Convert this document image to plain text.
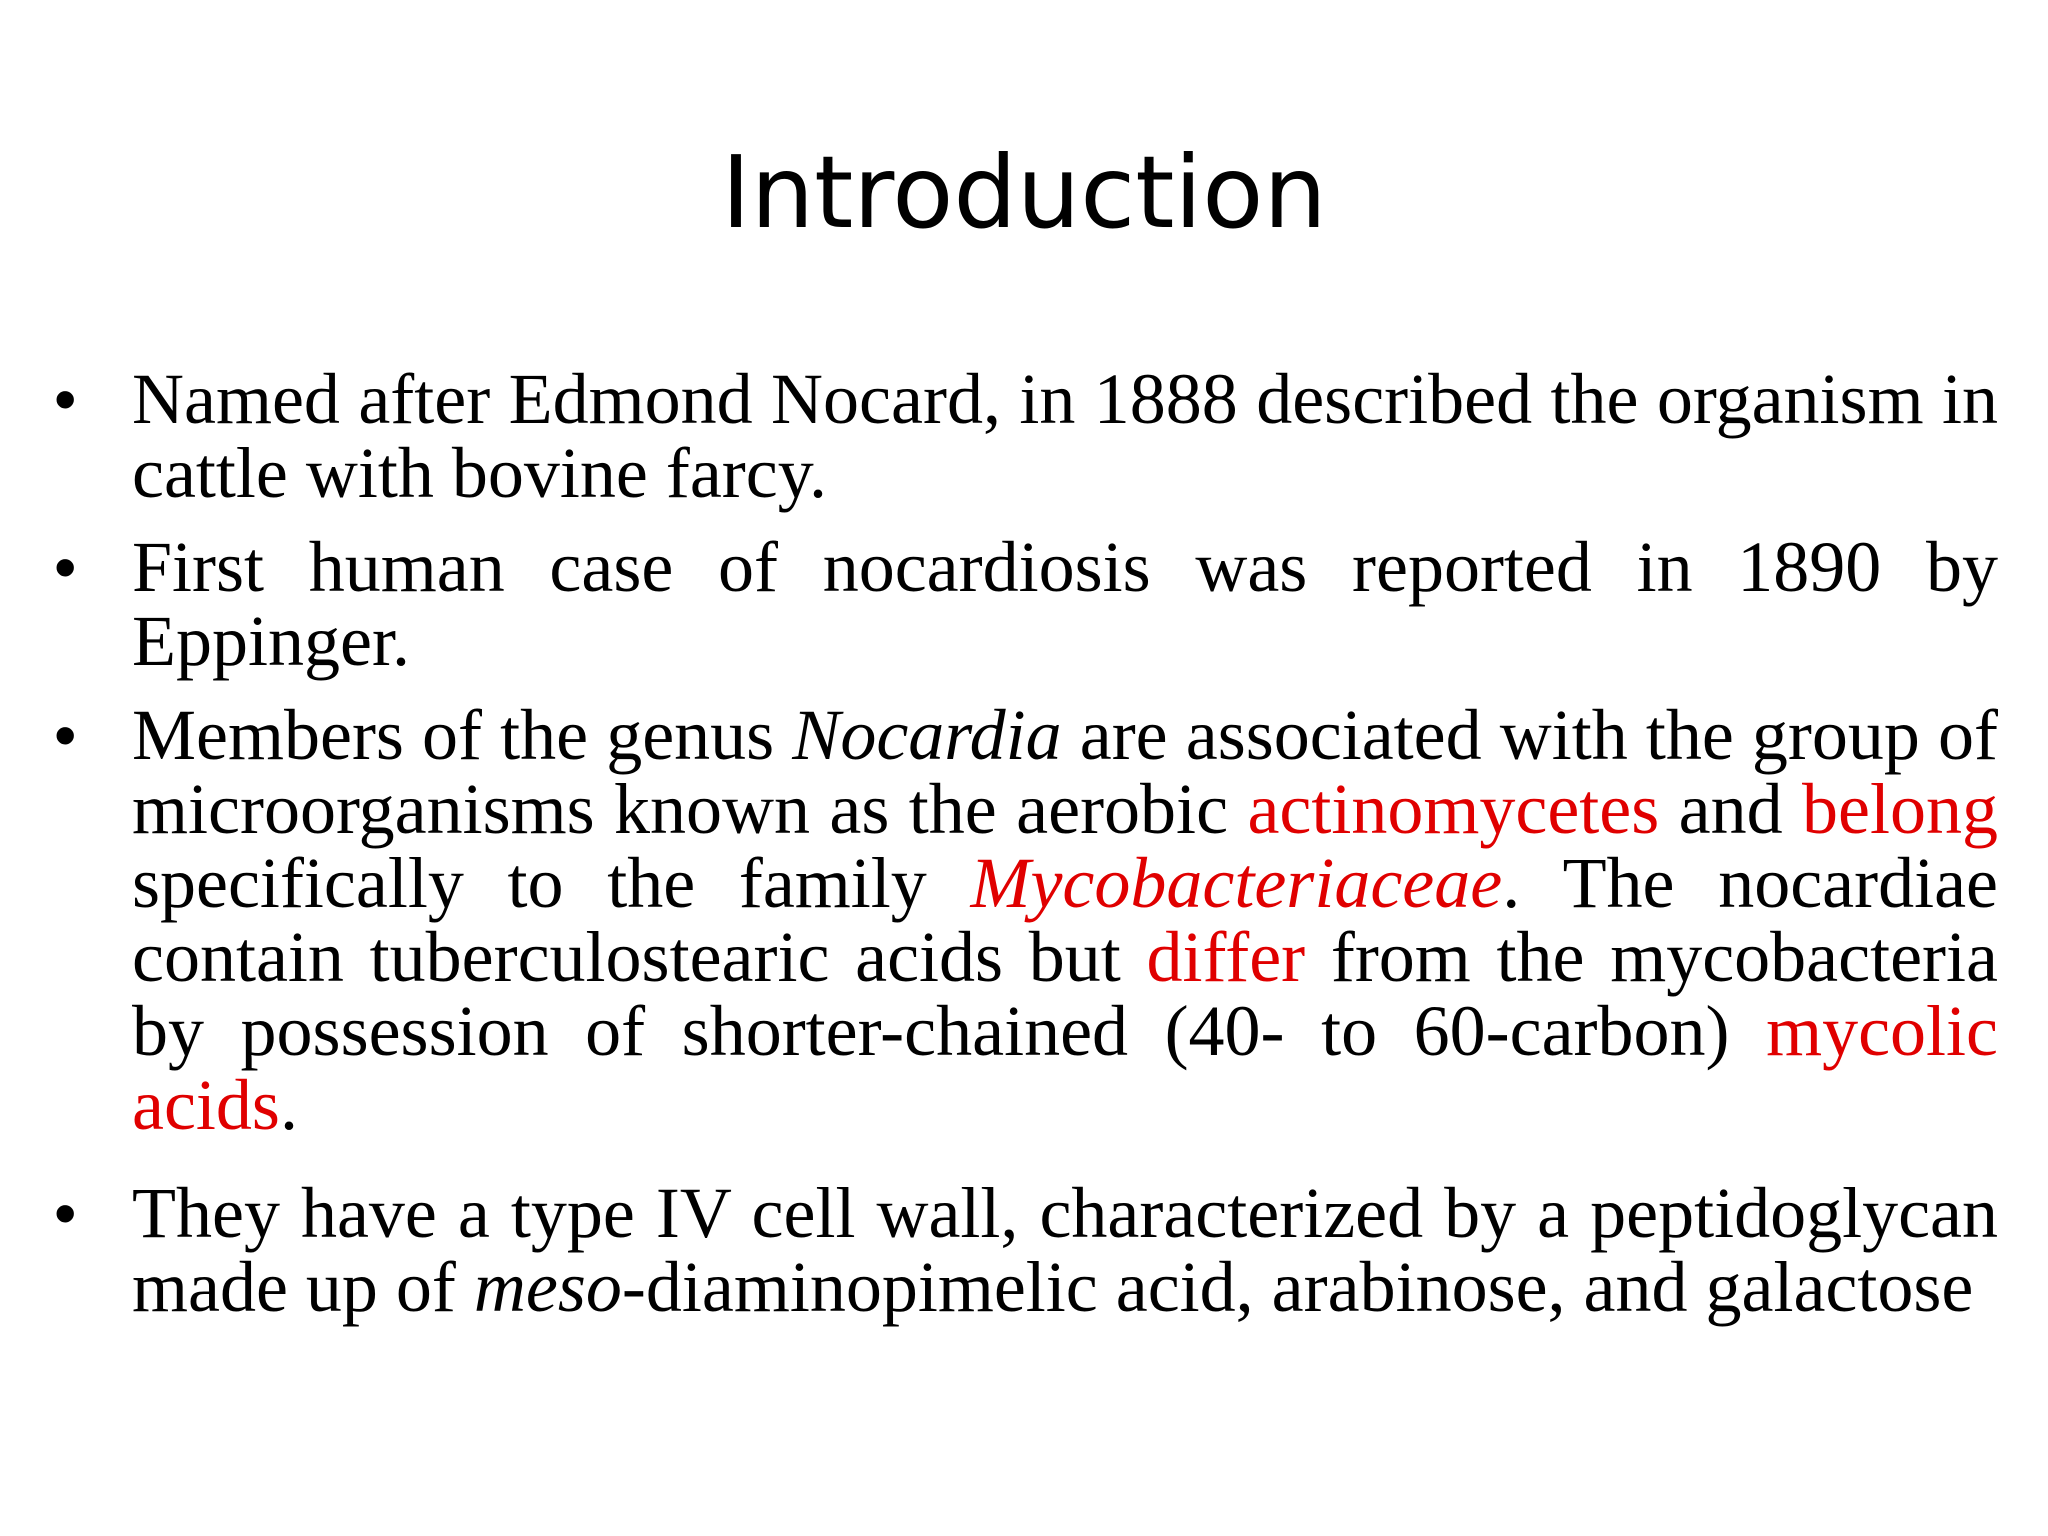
Introduction
• Named after Edmond Nocard, in 1888 described the organism in cattle with bovine farcy.
• First human case of nocardiosis was reported in 1890 by Eppinger.
• Members of the genus Nocardia are associated with the group of microorganisms known as the aerobic actinomycetes and belong specifically to the family Mycobacteriaceae. The nocardiae contain tuberculostearic acids but differ from the mycobacteria by possession of shorter-chained (40- to 60-carbon) mycolic acids.
• They have a type IV cell wall, characterized by a peptidoglycan made up of meso-diaminopimelic acid, arabinose, and galactose
